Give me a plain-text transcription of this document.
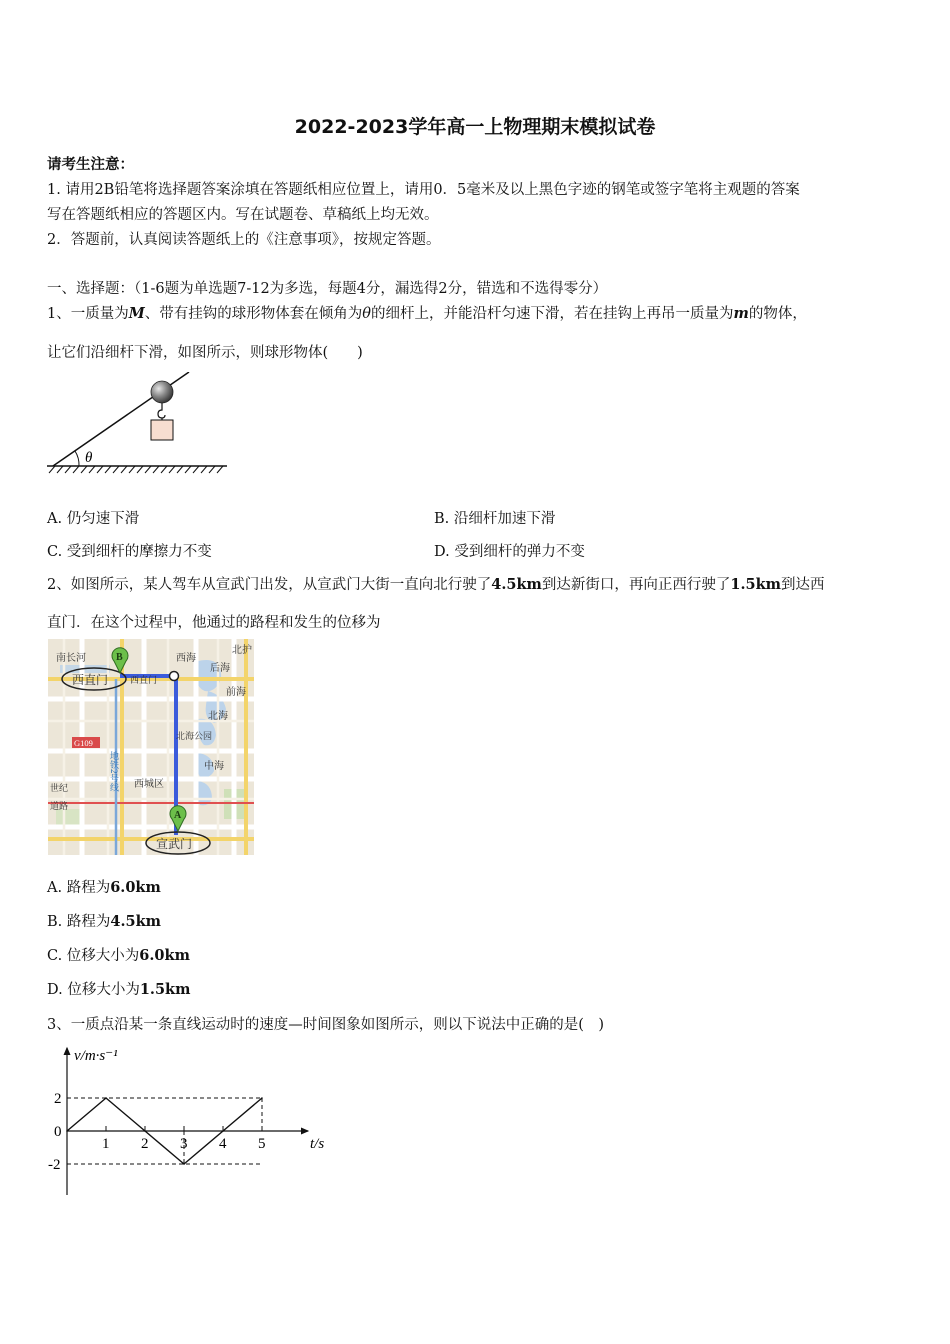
2022-2023学年高一上物理期末模拟试卷
请考生注意：
1. 请用2B铅笔将选择题答案涂填在答题纸相应位置上，请用0．5毫米及以上黑色字迹的钢笔或签字笔将主观题的答案
写在答题纸相应的答题区内。写在试题卷、草稿纸上均无效。
2．答题前，认真阅读答题纸上的《注意事项》，按规定答题。
一、选择题：（1-6题为单选题7-12为多选，每题4分，漏选得2分，错选和不选得零分）
1、一质量为M、带有挂钩的球形物体套在倾角为θ的细杆上，并能沿杆匀速下滑，若在挂钩上再吊一质量为m的物体，
让它们沿细杆下滑，如图所示，则球形物体(　　)
θ
A. 仍匀速下滑	B. 沿细杆加速下滑
C. 受到细杆的摩擦力不变	D. 受到细杆的弹力不变
2、如图所示，某人驾车从宣武门出发，从宣武门大街一直向北行驶了4.5km到达新街口，再向正西行驶了1.5km到达西
直门．在这个过程中，他通过的路程和发生的位移为
南长河	西海
北护
后海
前海
北海
北海公园
中海
西城区
世纪
道路
西直门
G109
地铁2号线
西直门
宣武门
B
A
A. 路程为6.0km
B. 路程为4.5km
C. 位移大小为6.0km
D. 位移大小为1.5km
3、一质点沿某一条直线运动时的速度—时间图象如图所示，则以下说法中正确的是(　)
v/m·s⁻¹
t/s
1 2 3 4 5
2
0
-2
